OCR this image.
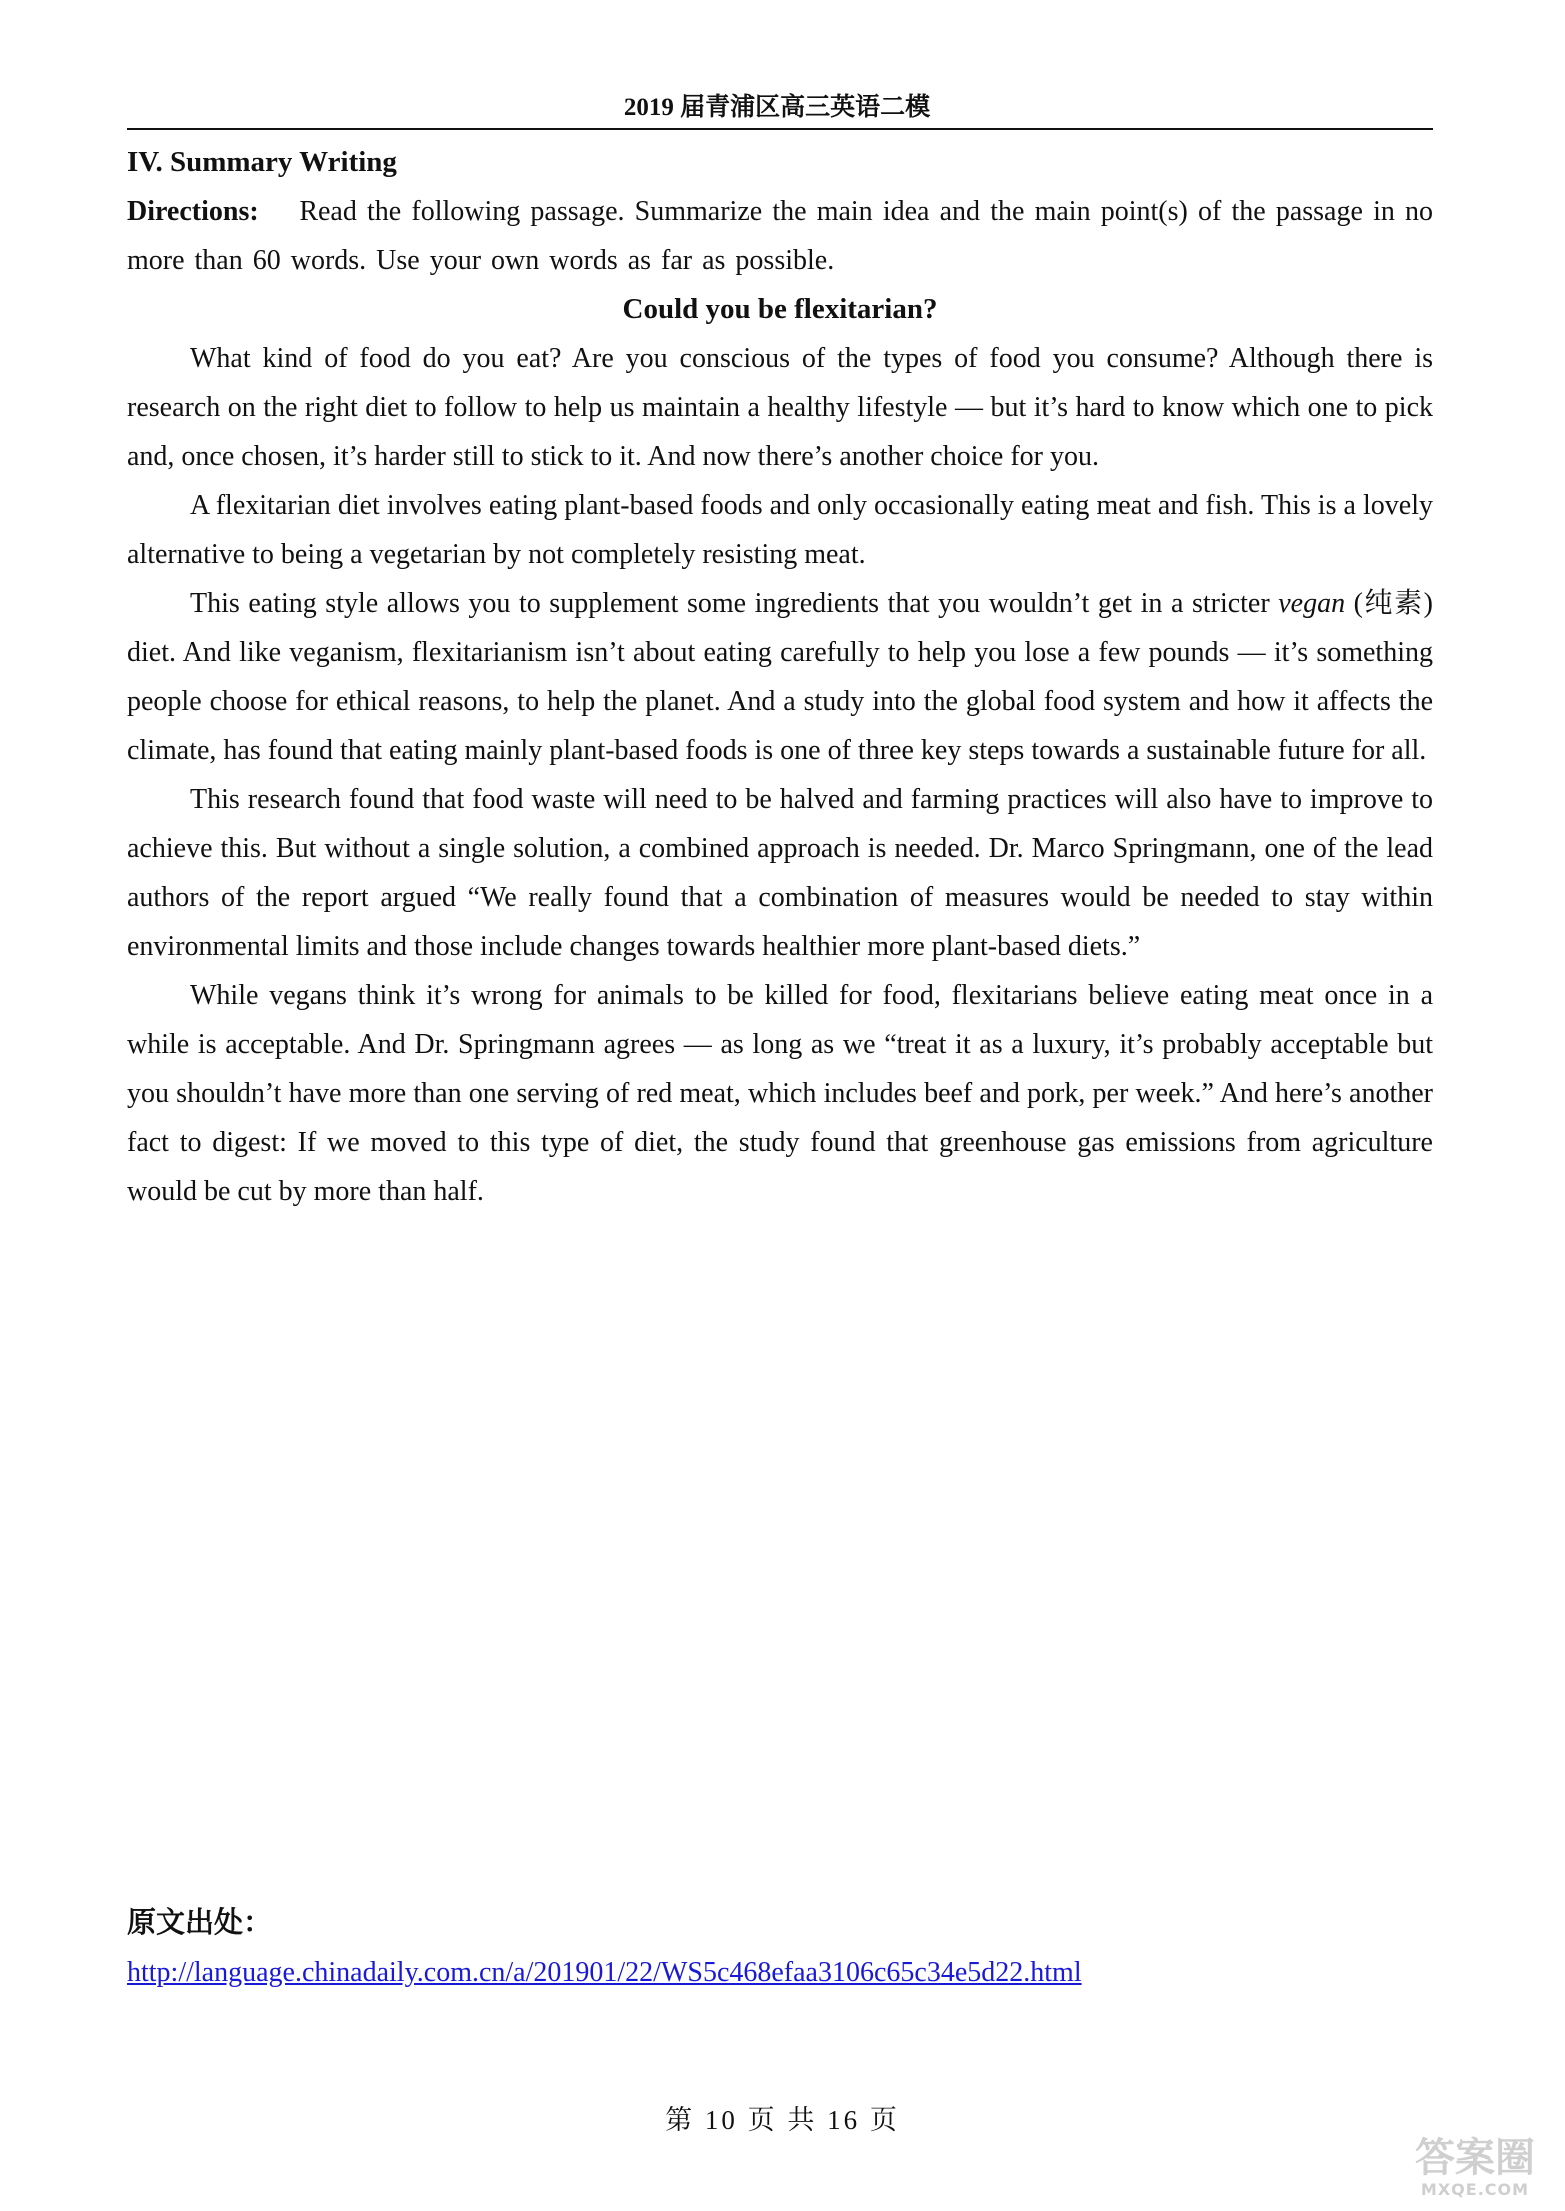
2019 届青浦区高三英语二模

IV. Summary Writing

Directions: Read the following passage. Summarize the main idea and the main point(s) of the passage in no more than 60 words. Use your own words as far as possible.

Could you be flexitarian?

What kind of food do you eat? Are you conscious of the types of food you consume? Although there is research on the right diet to follow to help us maintain a healthy lifestyle — but it’s hard to know which one to pick and, once chosen, it’s harder still to stick to it. And now there’s another choice for you.

A flexitarian diet involves eating plant-based foods and only occasionally eating meat and fish. This is a lovely alternative to being a vegetarian by not completely resisting meat.

This eating style allows you to supplement some ingredients that you wouldn’t get in a stricter vegan (纯素) diet. And like veganism, flexitarianism isn’t about eating carefully to help you lose a few pounds — it’s something people choose for ethical reasons, to help the planet. And a study into the global food system and how it affects the climate, has found that eating mainly plant-based foods is one of three key steps towards a sustainable future for all.

This research found that food waste will need to be halved and farming practices will also have to improve to achieve this. But without a single solution, a combined approach is needed. Dr. Marco Springmann, one of the lead authors of the report argued “We really found that a combination of measures would be needed to stay within environmental limits and those include changes towards healthier more plant-based diets.”

While vegans think it’s wrong for animals to be killed for food, flexitarians believe eating meat once in a while is acceptable. And Dr. Springmann agrees — as long as we “treat it as a luxury, it’s probably acceptable but you shouldn’t have more than one serving of red meat, which includes beef and pork, per week.” And here’s another fact to digest: If we moved to this type of diet, the study found that greenhouse gas emissions from agriculture would be cut by more than half.

原文出处：
http://language.chinadaily.com.cn/a/201901/22/WS5c468efaa3106c65c34e5d22.html
第 10 页 共 16 页
答案圈
MXQE.COM
